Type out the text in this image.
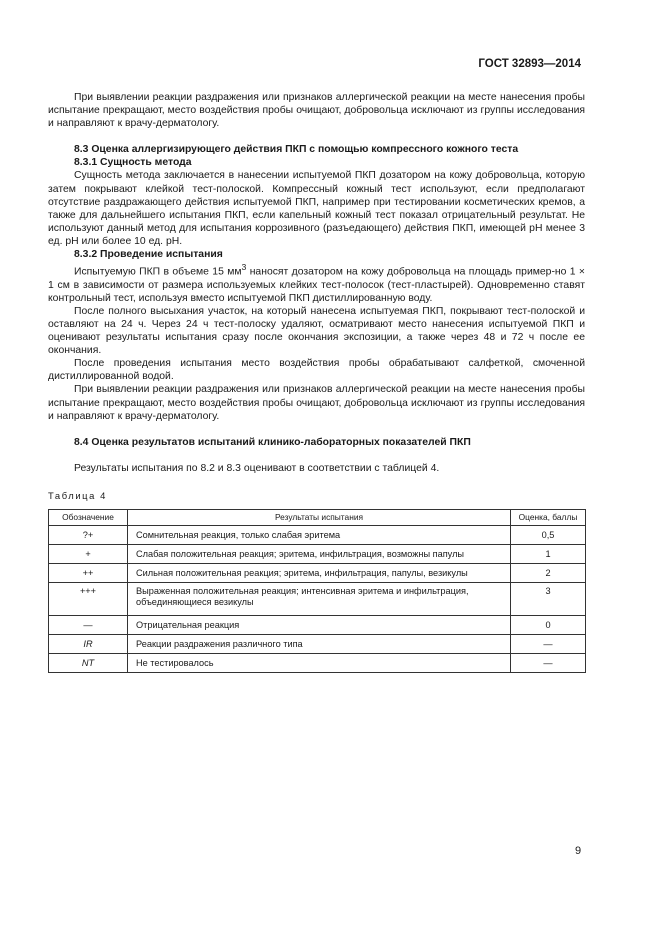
ГОСТ 32893—2014

При выявлении реакции раздражения или признаков аллергической реакции на месте нанесения пробы испытание прекращают, место воздействия пробы очищают, добровольца исключают из группы исследования и направляют к врачу-дерматологу.

8.3 Оценка аллергизирующего действия ПКП с помощью компрессного кожного теста
8.3.1 Сущность метода

Сущность метода заключается в нанесении испытуемой ПКП дозатором на кожу добровольца, которую затем покрывают клейкой тест-полоской. Компрессный кожный тест используют, если предполагают отсутствие раздражающего действия испытуемой ПКП, например при тестировании косметических кремов, а также для дальнейшего испытания ПКП, если капельный кожный тест показал отрицательный результат. Не используют данный метод для испытания коррозивного (разъедающего) действия ПКП, имеющей pH менее 3 ед. pH или более 10 ед. pH.

8.3.2 Проведение испытания

Испытуемую ПКП в объеме 15 $мм^3$ наносят дозатором на кожу добровольца на площадь пример-но 1 × 1 см в зависимости от размера используемых клейких тест-полосок (тест-пластырей). Одновременно ставят контрольный тест, используя вместо испытуемой ПКП дистиллированную воду.

После полного высыхания участок, на который нанесена испытуемая ПКП, покрывают тест-полоской и оставляют на 24 ч. Через 24 ч тест-полоску удаляют, осматривают место нанесения испытуемой ПКП и оценивают результаты испытания сразу после окончания экспозиции, а также через 48 и 72 ч после ее окончания.

После проведения испытания место воздействия пробы обрабатывают салфеткой, смоченной дистиллированной водой.

При выявлении реакции раздражения или признаков аллергической реакции на месте нанесения пробы испытание прекращают, место воздействия пробы очищают, добровольца исключают из группы исследования и направляют к врачу-дерматологу.

8.4 Оценка результатов испытаний клинико-лабораторных показателей ПКП

Результаты испытания по 8.2 и 8.3 оценивают в соответствии с таблицей 4.

Таблица 4
Обозначение	Результаты испытания	Оценка, баллы
?+	Сомнительная реакция, только слабая эритема	0,5
+	Слабая положительная реакция; эритема, инфильтрация, возможны папулы	1
++	Сильная положительная реакция; эритема, инфильтрация, папулы, везикулы	2
+++	Выраженная положительная реакция; интенсивная эритема и инфильтрация, объединяющиеся везикулы	3
—	Отрицательная реакция	0
IR	Реакции раздражения различного типа	—
NT	Не тестировалось	—
9
